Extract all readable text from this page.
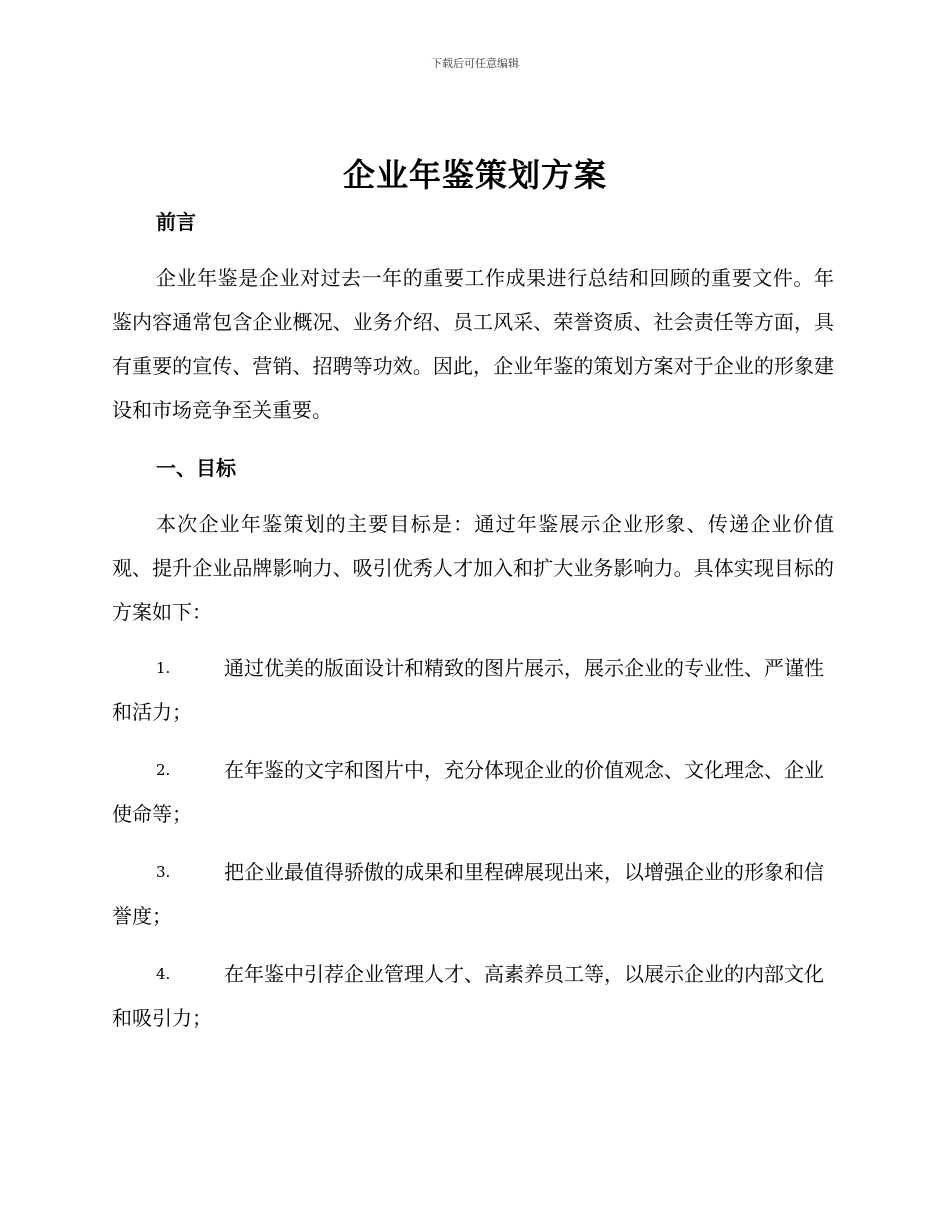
下载后可任意编辑
企业年鉴策划方案
前言

企业年鉴是企业对过去一年的重要工作成果进行总结和回顾的重要文件。年鉴内容通常包含企业概况、业务介绍、员工风采、荣誉资质、社会责任等方面，具有重要的宣传、营销、招聘等功效。因此，企业年鉴的策划方案对于企业的形象建设和市场竞争至关重要。

一、目标

本次企业年鉴策划的主要目标是：通过年鉴展示企业形象、传递企业价值观、提升企业品牌影响力、吸引优秀人才加入和扩大业务影响力。具体实现目标的方案如下：

1.	通过优美的版面设计和精致的图片展示，展示企业的专业性、严谨性和活力；
2.	在年鉴的文字和图片中，充分体现企业的价值观念、文化理念、企业使命等；
3.	把企业最值得骄傲的成果和里程碑展现出来，以增强企业的形象和信誉度；
4.	在年鉴中引荐企业管理人才、高素养员工等，以展示企业的内部文化和吸引力；
